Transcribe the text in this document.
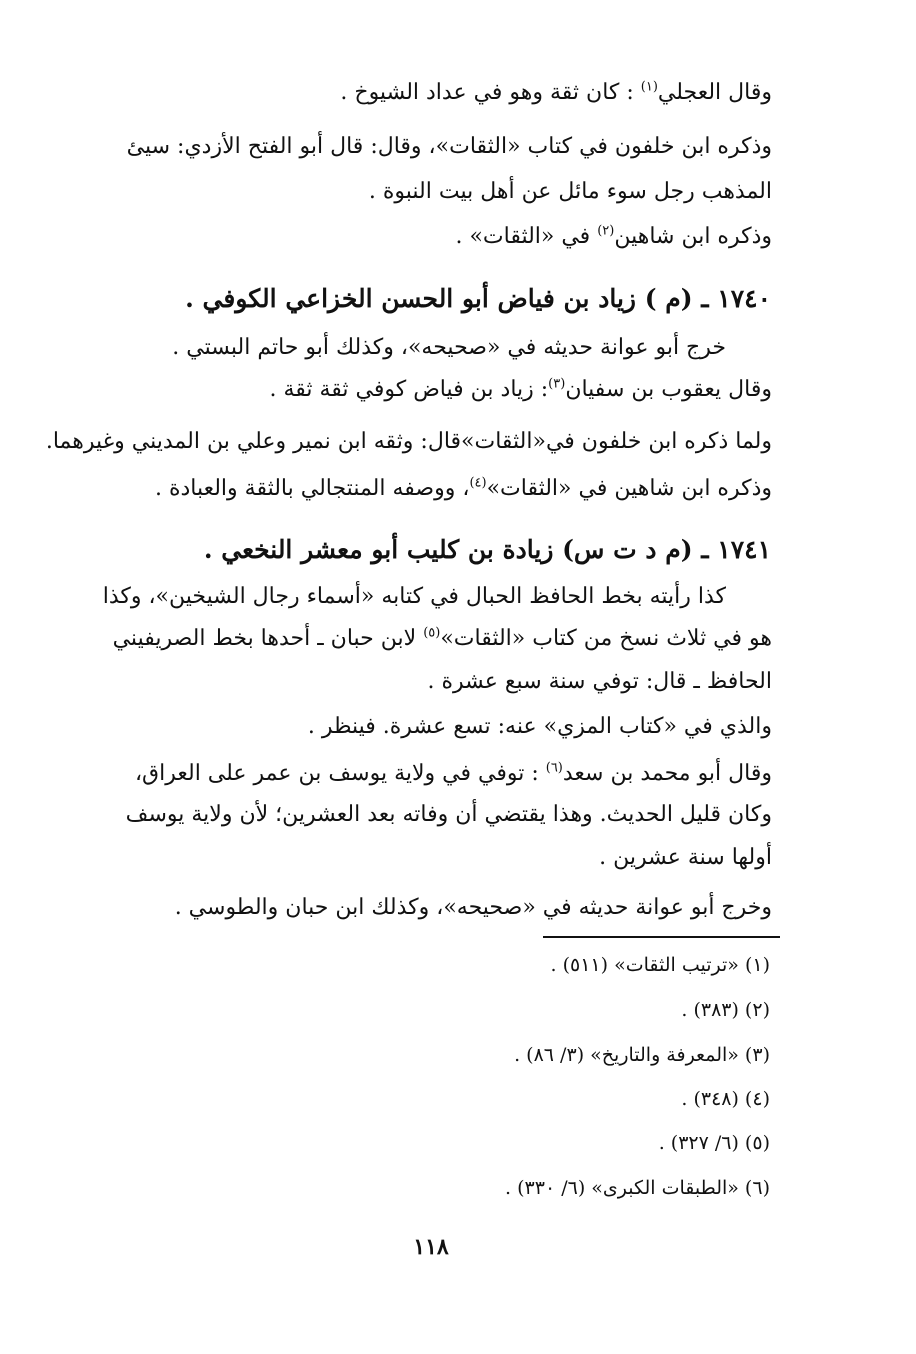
وقال العجلي$^{(١)}$ : كان ثقة وهو في عداد الشيوخ .
وذكره ابن خلفون في كتاب «الثقات»، وقال: قال أبو الفتح الأزدي: سيئ
المذهب رجل سوء مائل عن أهل بيت النبوة .
وذكره ابن شاهين$^{(٢)}$ في «الثقات» .
١٧٤٠ ـ (م ) زياد بن فياض أبو الحسن الخزاعي الكوفي .
خرج أبو عوانة حديثه في «صحيحه»، وكذلك أبو حاتم البستي .
وقال يعقوب بن سفيان$^{(٣)}$: زياد بن فياض كوفي ثقة ثقة .
ولما ذكره ابن خلفون في«الثقات»قال: وثقه ابن نمير وعلي بن المديني وغيرهما.
وذكره ابن شاهين في «الثقات»$^{(٤)}$، ووصفه المنتجالي بالثقة والعبادة .
١٧٤١ ـ (م د ت س) زيادة بن كليب أبو معشر النخعي .
كذا رأيته بخط الحافظ الحبال في كتابه «أسماء رجال الشيخين»، وكذا
هو في ثلاث نسخ من كتاب «الثقات»$^{(٥)}$ لابن حبان ـ أحدها بخط الصريفيني
الحافظ ـ قال: توفي سنة سبع عشرة .
والذي في «كتاب المزي» عنه: تسع عشرة. فينظر .
وقال أبو محمد بن سعد$^{(٦)}$ : توفي في ولاية يوسف بن عمر على العراق،
وكان قليل الحديث. وهذا يقتضي أن وفاته بعد العشرين؛ لأن ولاية يوسف
أولها سنة عشرين .
وخرج أبو عوانة حديثه في «صحيحه»، وكذلك ابن حبان والطوسي .
(١) «ترتيب الثقات» (٥١١) .
(٢) (٣٨٣) .
(٣) «المعرفة والتاريخ» (٣/ ٨٦) .
(٤) (٣٤٨) .
(٥) (٦/ ٣٢٧) .
(٦) «الطبقات الكبرى» (٦/ ٣٣٠) .
١١٨
